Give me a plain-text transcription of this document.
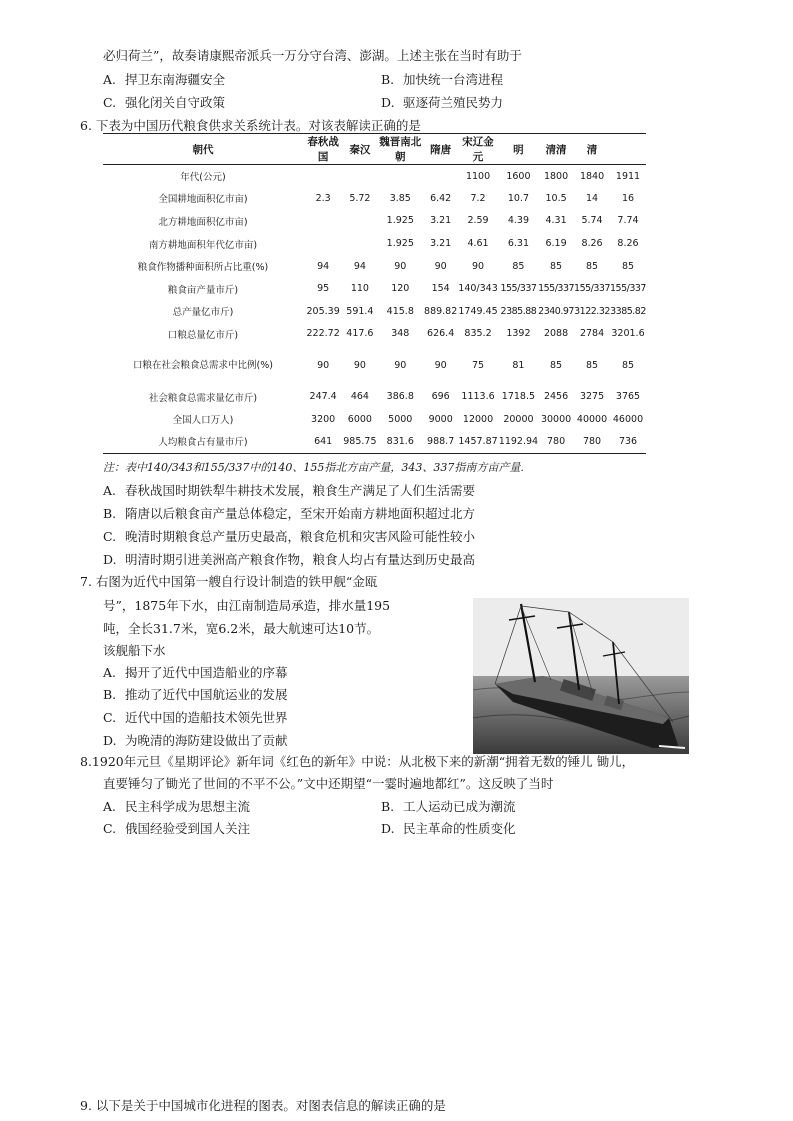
必归荷兰”，故奏请康熙帝派兵一万分守台湾、澎湖。上述主张在当时有助于
A. 捍卫东南海疆安全	B. 加快统一台湾进程
C. 强化闭关自守政策	D. 驱逐荷兰殖民势力
6. 下表为中国历代粮食供求关系统计表。对该表解读正确的是
朝代	春秋战国	秦汉	魏晋南北朝	隋唐	宋辽金元	明	清清	清	
年代(公元)					1100	1600	1800	1840	1911
全国耕地面积亿市亩)	2.3	5.72	3.85	6.42	7.2	10.7	10.5	14	16
北方耕地面积亿市亩)			1.925	3.21	2.59	4.39	4.31	5.74	7.74
南方耕地面积年代亿市亩)			1.925	3.21	4.61	6.31	6.19	8.26	8.26
粮食作物播种面积所占比重(%)	94	94	90	90	90	85	85	85	85
粮食亩产量市斤)	95	110	120	154	140/343	155/337	155/337	155/337	155/337
总产量亿市斤)	205.39	591.4	415.8	889.82	1749.45	2385.88	2340.97	3122.32	3385.82
口粮总量亿市斤)	222.72	417.6	348	626.4	835.2	1392	2088	2784	3201.6
口粮在社会粮食总需求中比例(%)	90	90	90	90	75	81	85	85	85
社会粮食总需求量亿市斤)	247.4	464	386.8	696	1113.6	1718.5	2456	3275	3765
全国人口万人)	3200	6000	5000	9000	12000	20000	30000	40000	46000
人均粮食占有量市斤)	641	985.75	831.6	988.7	1457.87	1192.94	780	780	736
注：表中140/343和155/337中的140、155指北方亩产量，343、337指南方亩产量.
A. 春秋战国时期铁犁牛耕技术发展，粮食生产满足了人们生活需要
B. 隋唐以后粮食亩产量总体稳定，至宋开始南方耕地面积超过北方
C. 晚清时期粮食总产量历史最高，粮食危机和灾害风险可能性较小
D. 明清时期引进美洲高产粮食作物，粮食人均占有量达到历史最高
7. 右图为近代中国第一艘自行设计制造的铁甲舰“金瓯
号”，1875年下水，由江南制造局承造，排水量195
吨，全长31.7米，宽6.2米，最大航速可达10节。
该舰船下水
A. 揭开了近代中国造船业的序幕
B. 推动了近代中国航运业的发展
C. 近代中国的造船技术领先世界
D. 为晚清的海防建设做出了贡献
8.1920年元旦《星期评论》新年词《红色的新年》中说：从北极下来的新潮“拥着无数的锤儿 锄儿，
直要锤匀了锄光了世间的不平不公。”文中还期望“一霎时遍地都红”。这反映了当时
A. 民主科学成为思想主流	B. 工人运动已成为潮流
C. 俄国经验受到国人关注	D. 民主革命的性质变化
9. 以下是关于中国城市化进程的图表。对图表信息的解读正确的是
